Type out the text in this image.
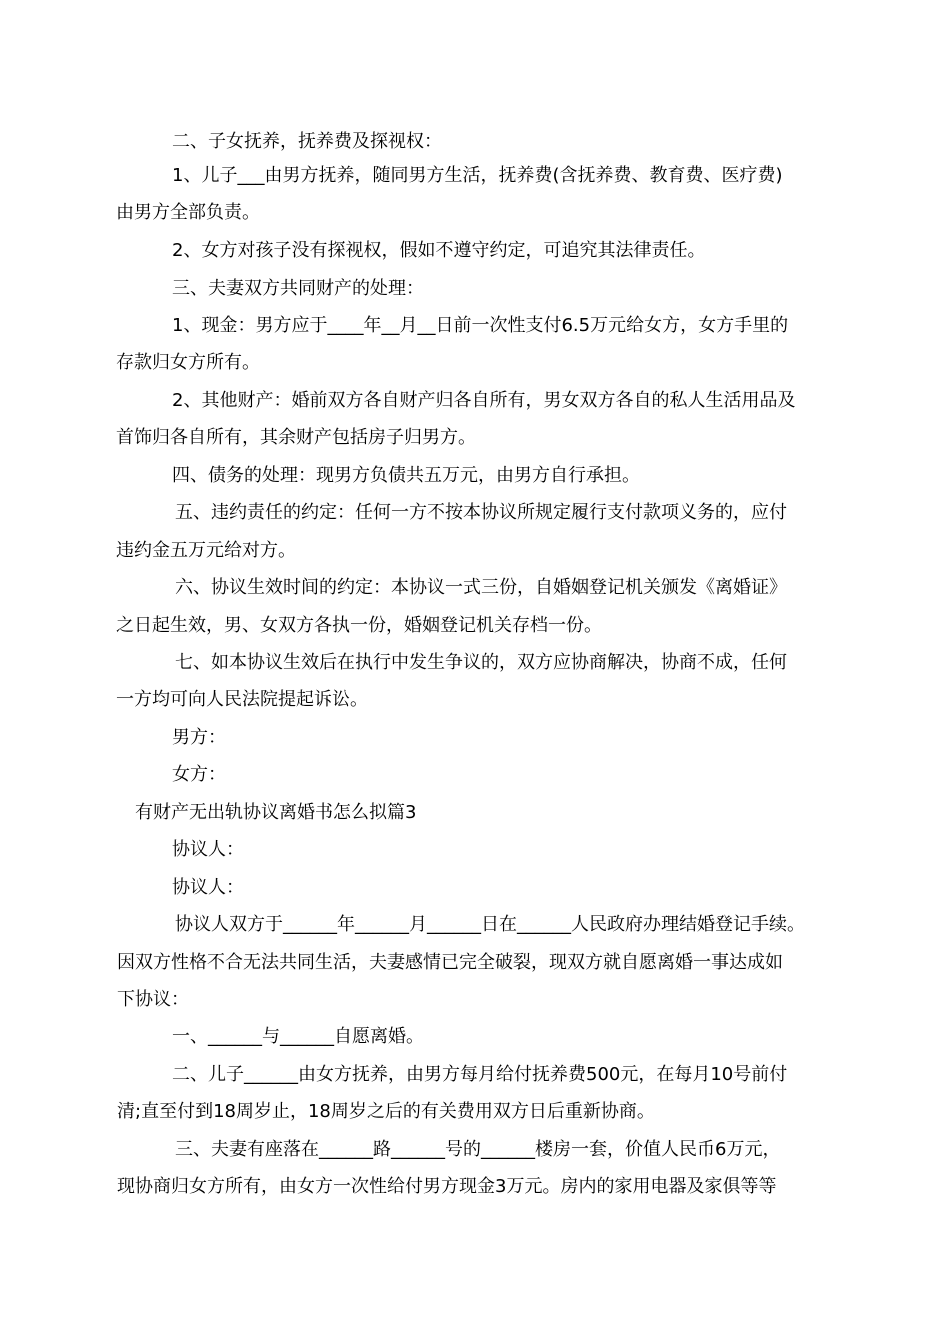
二、子女抚养，抚养费及探视权：
1、儿子___由男方抚养，随同男方生活，抚养费(含抚养费、教育费、医疗费)
由男方全部负责。
2、女方对孩子没有探视权，假如不遵守约定，可追究其法律责任。
三、夫妻双方共同财产的处理：
1、现金：男方应于____年__月__日前一次性支付6.5万元给女方，女方手里的
存款归女方所有。
2、其他财产：婚前双方各自财产归各自所有，男女双方各自的私人生活用品及
首饰归各自所有，其余财产包括房子归男方。
四、债务的处理：现男方负债共五万元，由男方自行承担。
五、违约责任的约定：任何一方不按本协议所规定履行支付款项义务的，应付
违约金五万元给对方。
六、协议生效时间的约定：本协议一式三份，自婚姻登记机关颁发《离婚证》
之日起生效，男、女双方各执一份，婚姻登记机关存档一份。
七、如本协议生效后在执行中发生争议的，双方应协商解决，协商不成，任何
一方均可向人民法院提起诉讼。
男方：
女方：
有财产无出轨协议离婚书怎么拟篇3
协议人：
协议人：
协议人双方于______年______月______日在______人民政府办理结婚登记手续。
因双方性格不合无法共同生活，夫妻感情已完全破裂，现双方就自愿离婚一事达成如
下协议：
一、______与______自愿离婚。
二、儿子______由女方抚养，由男方每月给付抚养费500元，在每月10号前付
清;直至付到18周岁止，18周岁之后的有关费用双方日后重新协商。
三、夫妻有座落在______路______号的______楼房一套，价值人民币6万元，
现协商归女方所有，由女方一次性给付男方现金3万元。房内的家用电器及家俱等等
